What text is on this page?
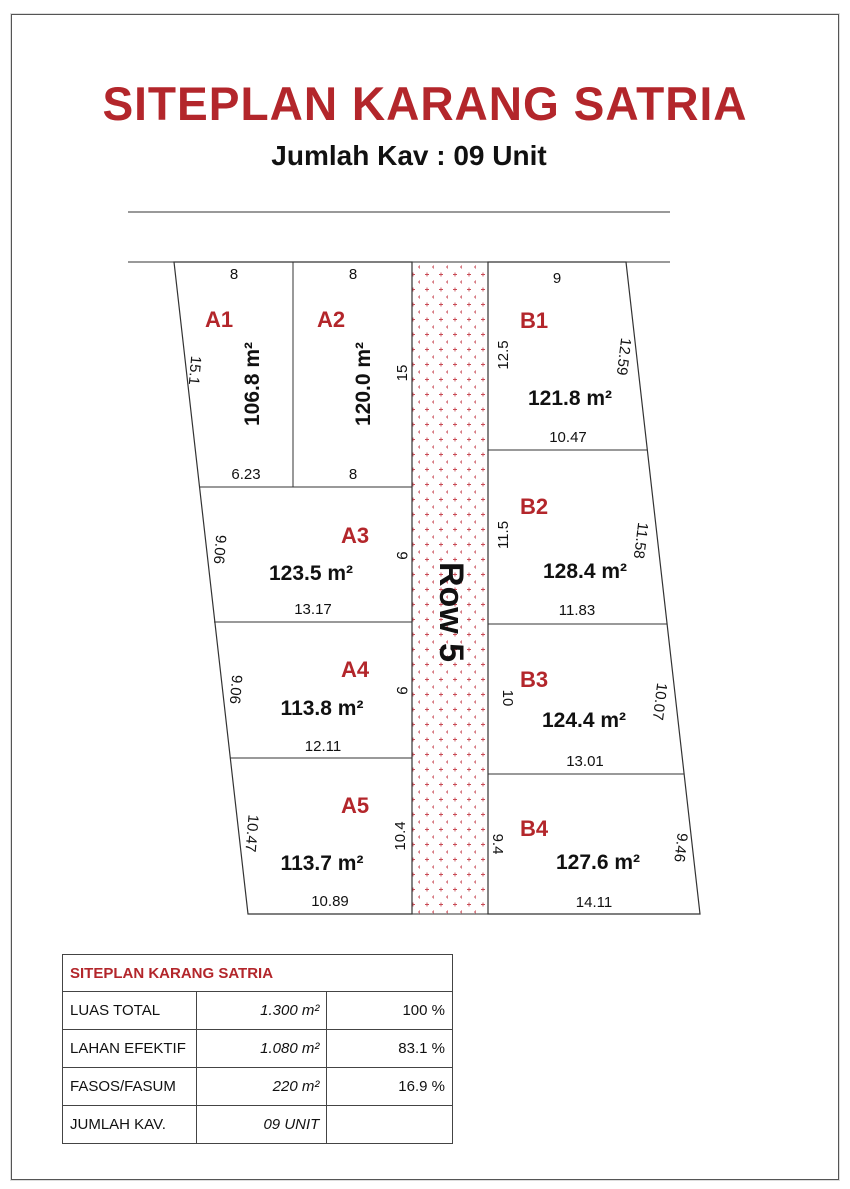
SITEPLAN KARANG SATRIA
Jumlah Kav : 09 Unit
Row 5
15
A1
106.8 m²
8
15.1
6.23
A2
120.0 m²
8
8
A3
123.5 m²
9.06	9
13.17
A4
113.8 m²
9.06	9
12.11
A5
113.7 m²
10.47	10.4
10.89
B1
121.8 m²
9
12.5	12.59
10.47
B2
128.4 m²
11.5	11.58
11.83
B3
124.4 m²
10	10.07
13.01
B4
127.6 m²
9.4	9.46
14.11
SITEPLAN KARANG SATRIA		
LUAS TOTAL	1.300 m²	100 %
LAHAN EFEKTIF	1.080 m²	83.1 %
FASOS/FASUM	220 m²	16.9 %
JUMLAH KAV.	09 UNIT	
